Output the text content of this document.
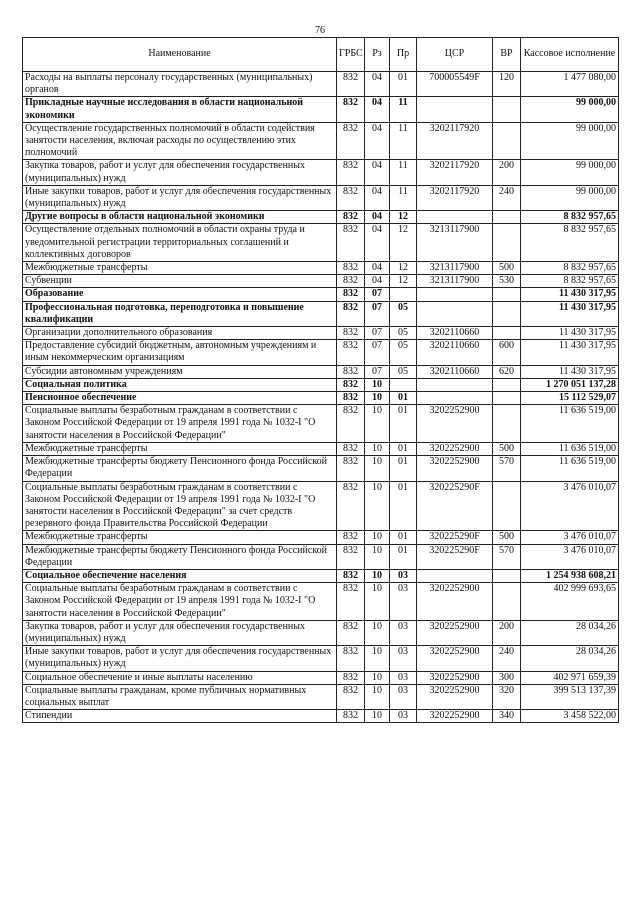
76
Наименование	ГРБС	Рз	Пр	ЦСР	ВР	Кассовое исполнение
Расходы на выплаты персоналу государственных (муниципальных) органов	832	04	01	700005549F	120	1 477 080,00
Прикладные научные исследования в области национальной экономики	832	04	11			99 000,00
Осуществление государственных полномочий в области содействия занятости населения, включая расходы по осуществлению этих полномочий	832	04	11	3202117920		99 000,00
Закупка товаров, работ и услуг для обеспечения государственных (муниципальных) нужд	832	04	11	3202117920	200	99 000,00
Иные закупки товаров, работ и услуг для обеспечения государственных (муниципальных) нужд	832	04	11	3202117920	240	99 000,00
Другие вопросы в области национальной экономики	832	04	12			8 832 957,65
Осуществление отдельных полномочий в области охраны труда и уведомительной регистрации территориальных соглашений и коллективных договоров	832	04	12	3213117900		8 832 957,65
Межбюджетные трансферты	832	04	12	3213117900	500	8 832 957,65
Субвенции	832	04	12	3213117900	530	8 832 957,65
Образование	832	07				11 430 317,95
Профессиональная подготовка, переподготовка и повышение квалификации	832	07	05			11 430 317,95
Организации дополнительного образования	832	07	05	3202110660		11 430 317,95
Предоставление субсидий бюджетным, автономным учреждениям и иным некоммерческим организациям	832	07	05	3202110660	600	11 430 317,95
Субсидии автономным учреждениям	832	07	05	3202110660	620	11 430 317,95
Социальная политика	832	10				1 270 051 137,28
Пенсионное обеспечение	832	10	01			15 112 529,07
Социальные выплаты безработным гражданам в соответствии с Законом Российской Федерации от 19 апреля 1991 года № 1032-I "О занятости населения в Российской Федерации"	832	10	01	3202252900		11 636 519,00
Межбюджетные трансферты	832	10	01	3202252900	500	11 636 519,00
Межбюджетные трансферты бюджету Пенсионного фонда Российской Федерации	832	10	01	3202252900	570	11 636 519,00
Социальные выплаты безработным гражданам в соответствии с Законом Российской Федерации от 19 апреля 1991 года № 1032-I "О занятости населения в Российской Федерации" за счет средств резервного фонда Правительства Российской Федерации	832	10	01	320225290F		3 476 010,07
Межбюджетные трансферты	832	10	01	320225290F	500	3 476 010,07
Межбюджетные трансферты бюджету Пенсионного фонда Российской Федерации	832	10	01	320225290F	570	3 476 010,07
Социальное обеспечение населения	832	10	03			1 254 938 608,21
Социальные выплаты безработным гражданам в соответствии с Законом Российской Федерации от 19 апреля 1991 года № 1032-I "О занятости населения в Российской Федерации"	832	10	03	3202252900		402 999 693,65
Закупка товаров, работ и услуг для обеспечения государственных (муниципальных) нужд	832	10	03	3202252900	200	28 034,26
Иные закупки товаров, работ и услуг для обеспечения государственных (муниципальных) нужд	832	10	03	3202252900	240	28 034,26
Социальное обеспечение и иные выплаты населению	832	10	03	3202252900	300	402 971 659,39
Социальные выплаты гражданам, кроме публичных нормативных социальных выплат	832	10	03	3202252900	320	399 513 137,39
Стипендии	832	10	03	3202252900	340	3 458 522,00
